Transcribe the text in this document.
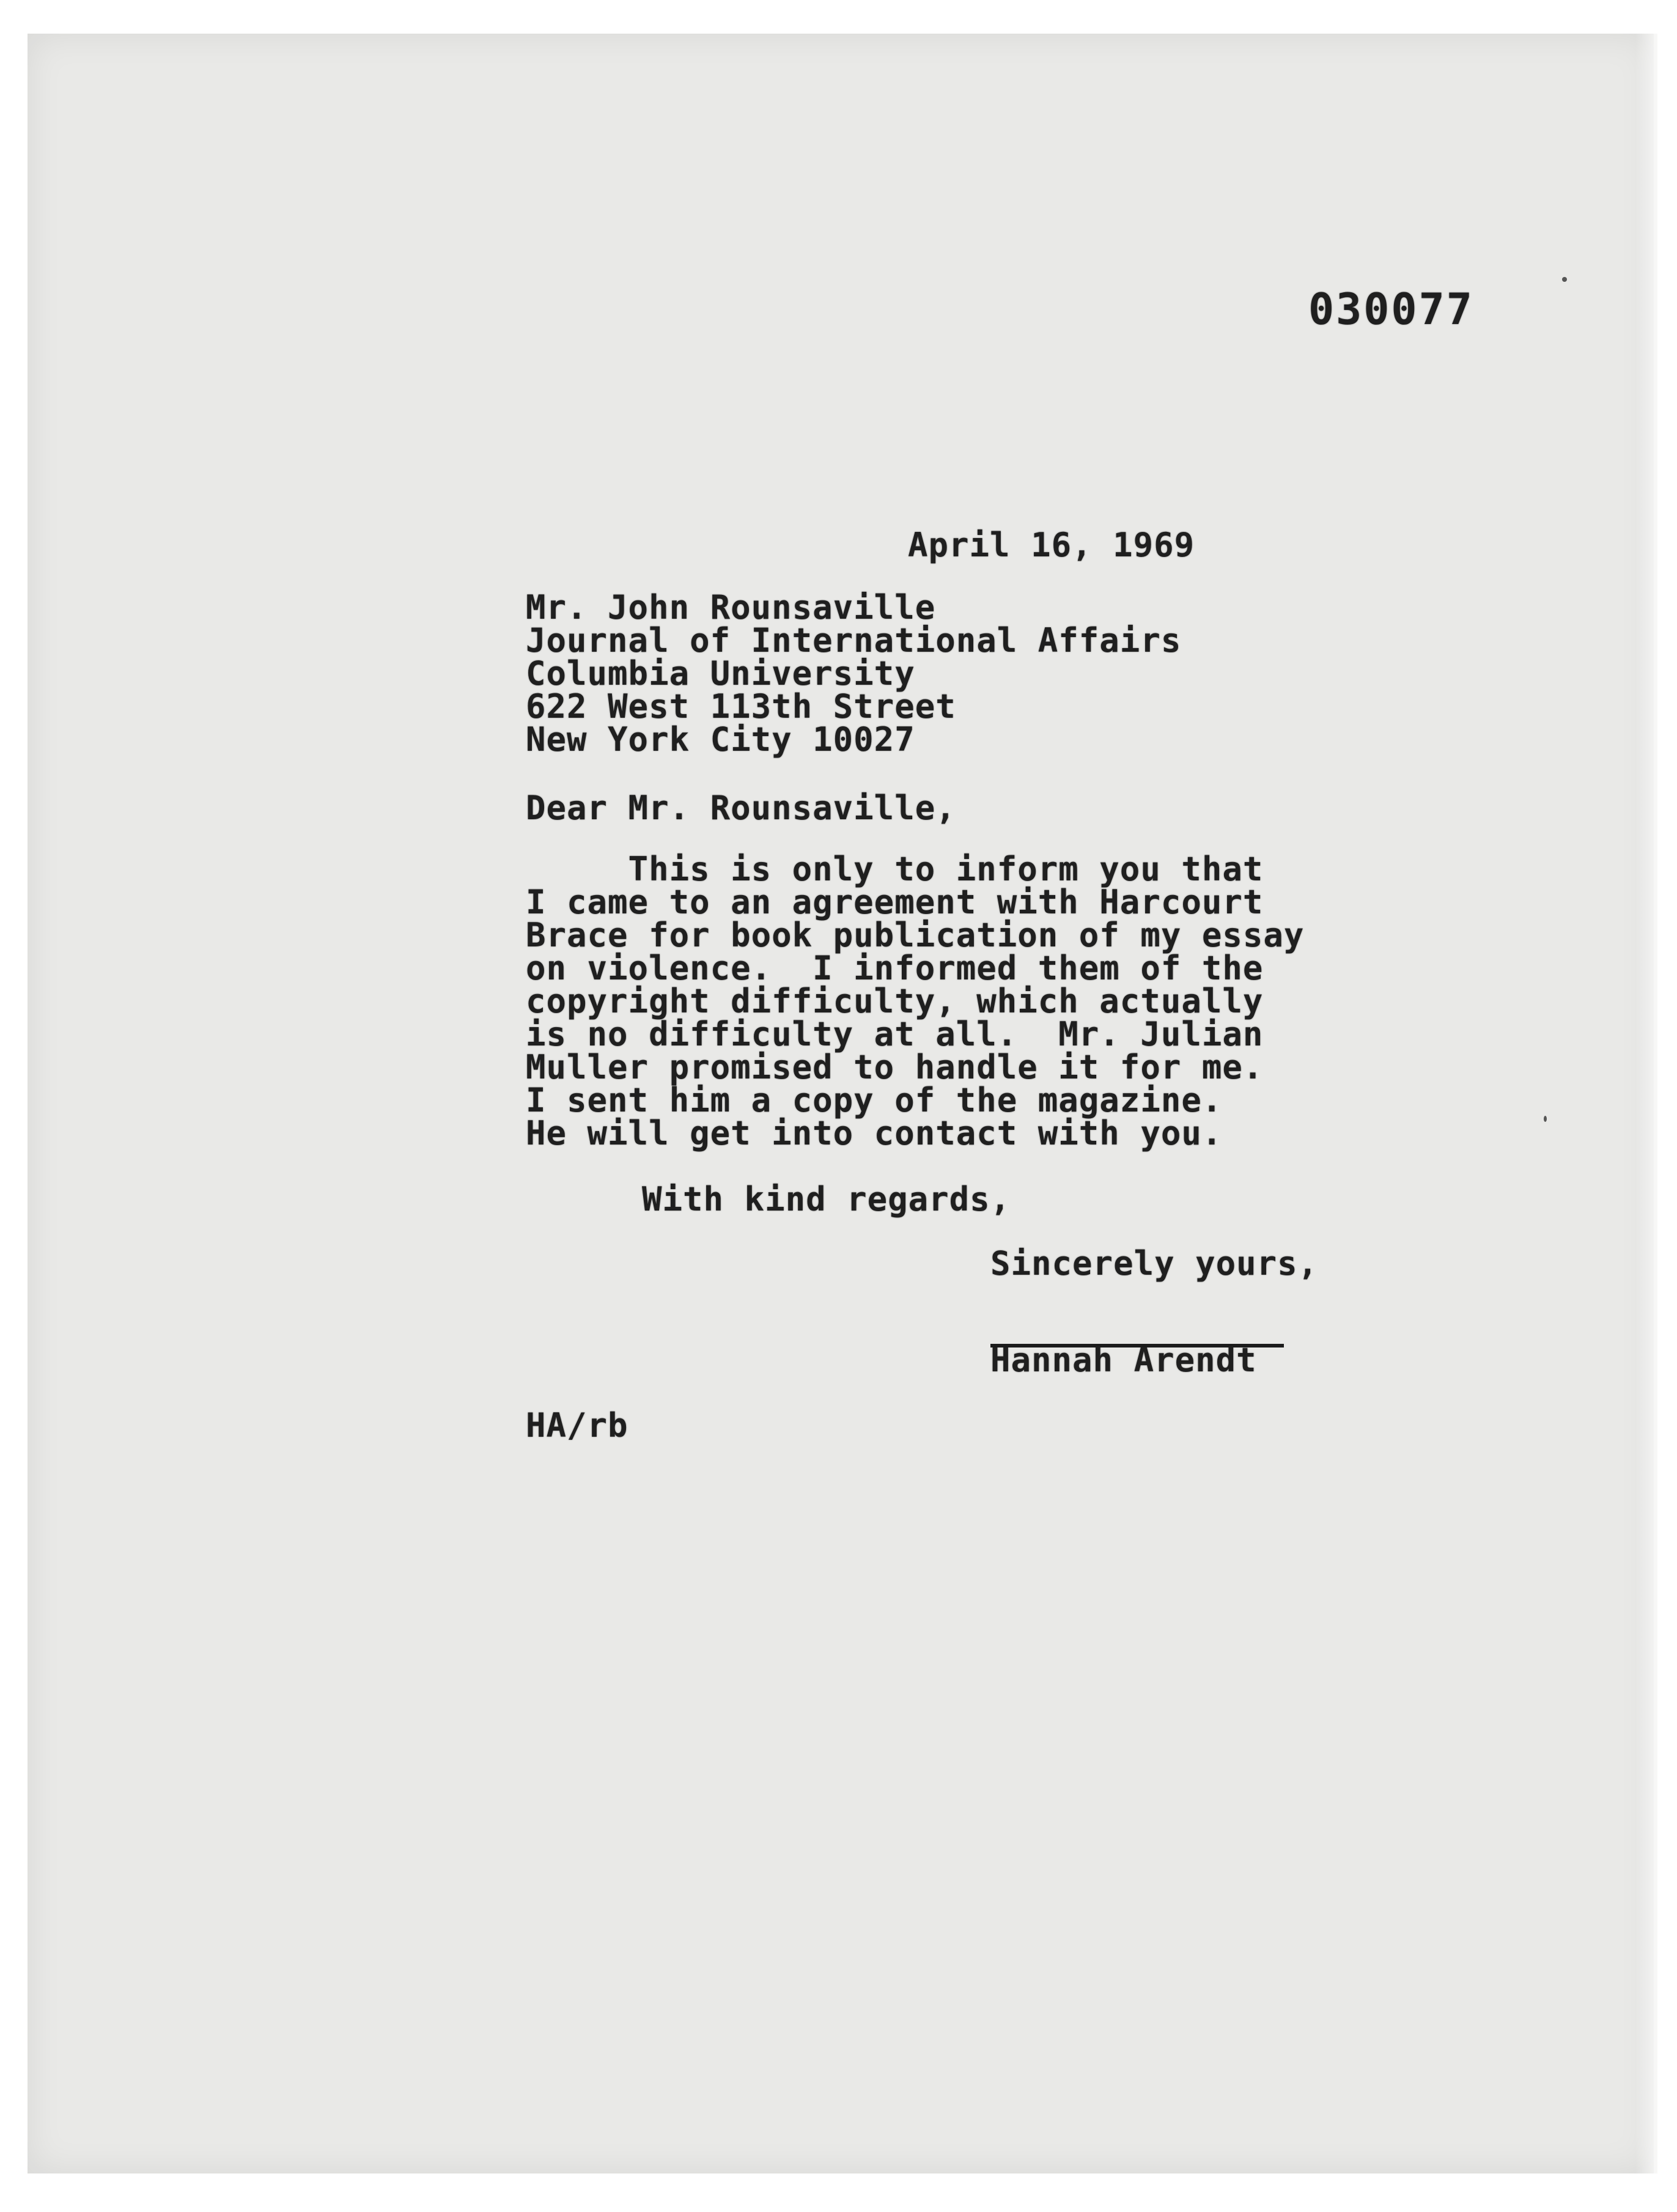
030077
April 16, 1969
Mr. John Rounsaville
Journal of International Affairs
Columbia University
622 West 113th Street
New York City 10027
Dear Mr. Rounsaville,
This is only to inform you that
I came to an agreement with Harcourt
Brace for book publication of my essay
on violence.  I informed them of the
copyright difficulty, which actually
is no difficulty at all.  Mr. Julian
Muller promised to handle it for me.
I sent him a copy of the magazine.
He will get into contact with you.
With kind regards,
Sincerely yours,
Hannah Arendt
HA/rb
